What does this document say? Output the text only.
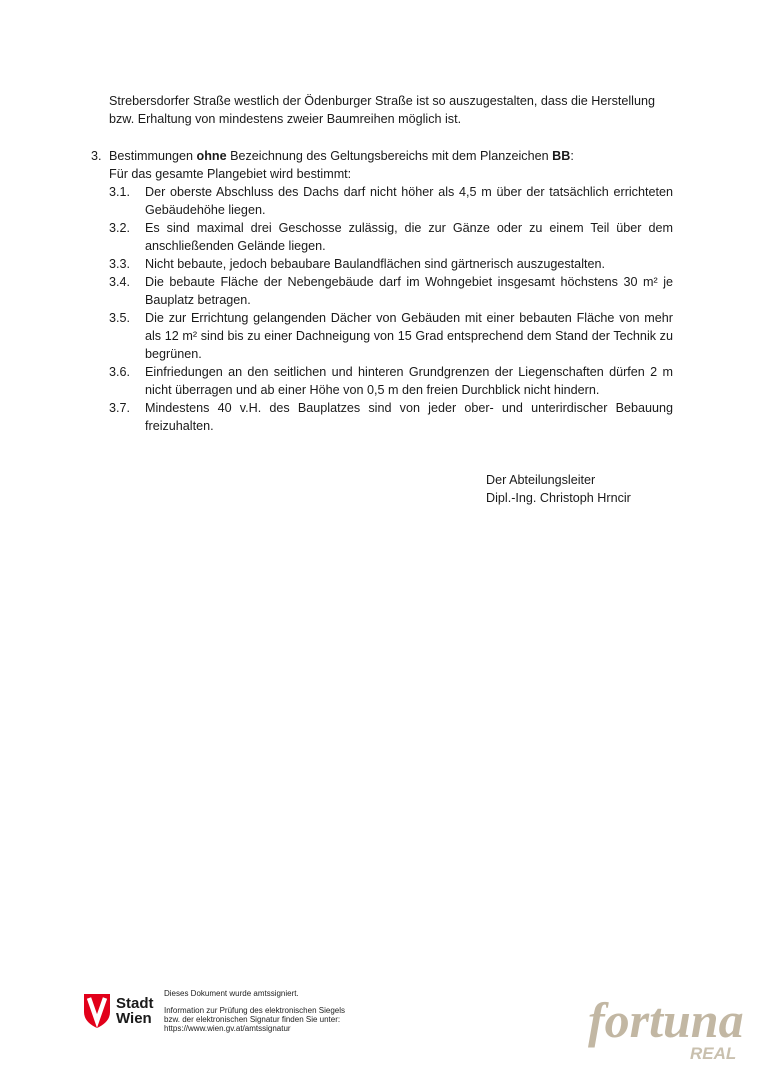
Strebersdorfer Straße westlich der Ödenburger Straße ist so auszugestalten, dass die Herstellung

bzw. Erhaltung von mindestens zweier Baumreihen möglich ist.

3. Bestimmungen ohne Bezeichnung des Geltungsbereichs mit dem Planzeichen BB:
Für das gesamte Plangebiet wird bestimmt:
3.1.	Der oberste Abschluss des Dachs darf nicht höher als 4,5 m über der tatsächlich errichteten Gebäudehöhe liegen.
3.2.	Es sind maximal drei Geschosse zulässig, die zur Gänze oder zu einem Teil über dem anschließenden Gelände liegen.
3.3.	Nicht bebaute, jedoch bebaubare Baulandflächen sind gärtnerisch auszugestalten.
3.4.	Die bebaute Fläche der Nebengebäude darf im Wohngebiet insgesamt höchstens 30 m² je Bauplatz betragen.
3.5.	Die zur Errichtung gelangenden Dächer von Gebäuden mit einer bebauten Fläche von mehr als 12 m² sind bis zu einer Dachneigung von 15 Grad entsprechend dem Stand der Technik zu begrünen.
3.6.	Einfriedungen an den seitlichen und hinteren Grundgrenzen der Liegenschaften dürfen 2 m nicht überragen und ab einer Höhe von 0,5 m den freien Durchblick nicht hindern.
3.7.	Mindestens 40 v.H. des Bauplatzes sind von jeder ober- und unterirdischer Bebauung freizuhalten.
Der Abteilungsleiter
Dipl.-Ing. Christoph Hrncir
Stadt
Wien
Dieses Dokument wurde amtssigniert.
Information zur Prüfung des elektronischen Siegels
bzw. der elektronischen Signatur finden Sie unter:
https://www.wien.gv.at/amtssignatur	fortuna
REAL
